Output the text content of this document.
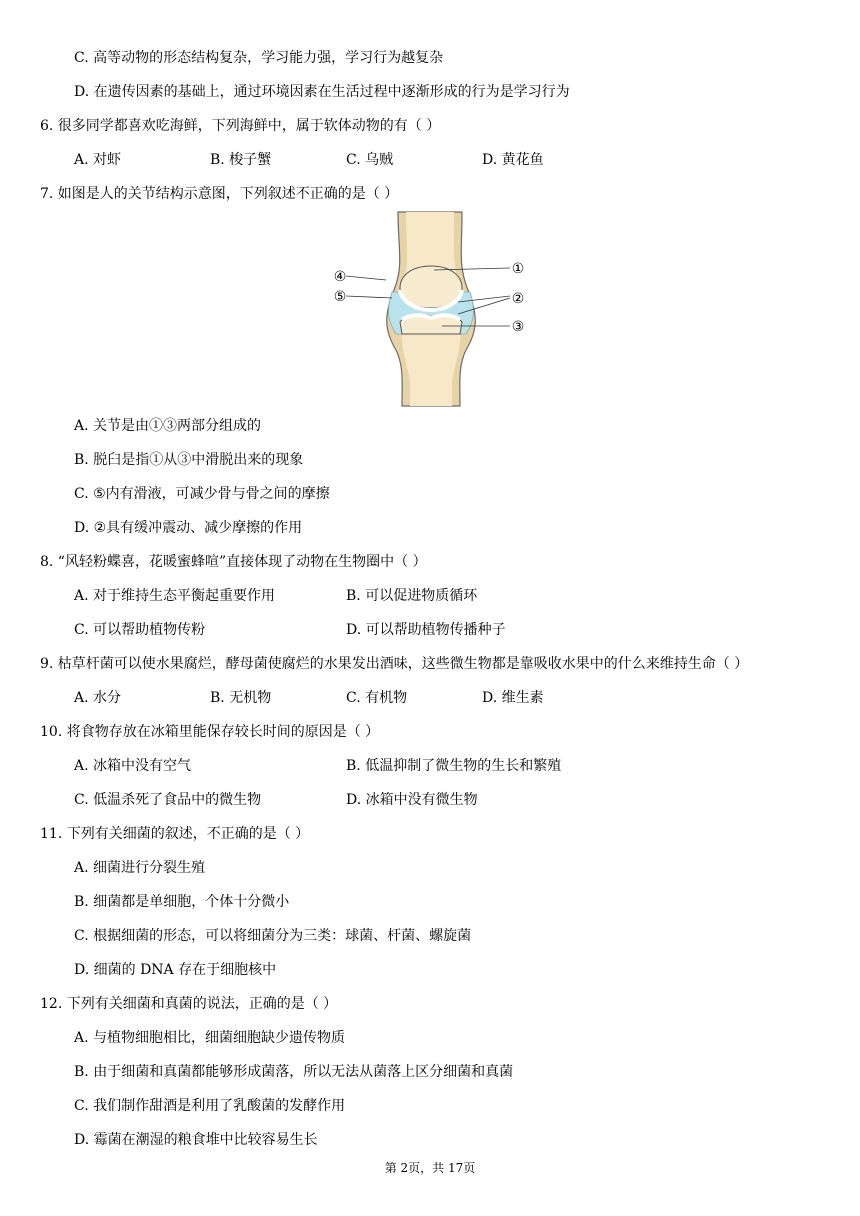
C. 高等动物的形态结构复杂，学习能力强，学习行为越复杂
D. 在遗传因素的基础上，通过环境因素在生活过程中逐渐形成的行为是学习行为
6. 很多同学都喜欢吃海鲜，下列海鲜中，属于软体动物的有（ ）
7. 如图是人的关节结构示意图，下列叙述不正确的是（ ）
A. 关节是由①③两部分组成的
B. 脱臼是指①从③中滑脱出来的现象
C. ⑤内有滑液，可减少骨与骨之间的摩擦
D. ②具有缓冲震动、减少摩擦的作用
8. “风轻粉蝶喜，花暖蜜蜂喧”直接体现了动物在生物圈中（ ）
9. 枯草杆菌可以使水果腐烂，酵母菌使腐烂的水果发出酒味，这些微生物都是靠吸收水果中的什么来维持生命（ ）
10. 将食物存放在冰箱里能保存较长时间的原因是（ ）
11. 下列有关细菌的叙述，不正确的是（ ）
A. 细菌进行分裂生殖
B. 细菌都是单细胞，个体十分微小
C. 根据细菌的形态，可以将细菌分为三类：球菌、杆菌、螺旋菌
D. 细菌的 DNA 存在于细胞核中
12. 下列有关细菌和真菌的说法，正确的是（ ）
A. 与植物细胞相比，细菌细胞缺少遗传物质
B. 由于细菌和真菌都能够形成菌落，所以无法从菌落上区分细菌和真菌
C. 我们制作甜酒是利用了乳酸菌的发酵作用
D. 霉菌在潮湿的粮食堆中比较容易生长
A. 对虾	B. 梭子蟹	C. 乌贼	D. 黄花鱼
A. 对于维持生态平衡起重要作用	B. 可以促进物质循环
C. 可以帮助植物传粉	D. 可以帮助植物传播种子
A. 水分	B. 无机物	C. 有机物	D. 维生素
A. 冰箱中没有空气	B. 低温抑制了微生物的生长和繁殖
C. 低温杀死了食品中的微生物	D. 冰箱中没有微生物
④
⑤
①
②
③
第 2页，共 17页
